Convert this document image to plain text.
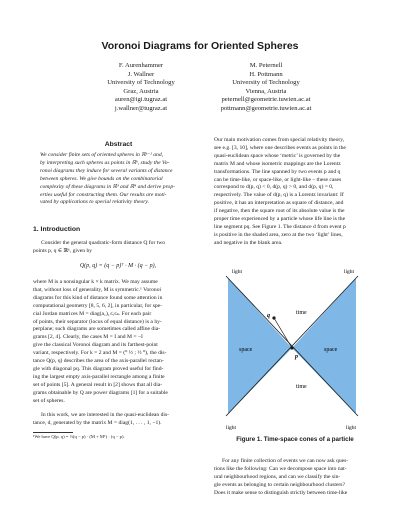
Voronoi Diagrams for Oriented Spheres
F. Aurenhammer
J. Wallner
University of Technology
Graz, Austria
auren@igi.tugraz.at
j.wallner@tugraz.at
M. Peternell
H. Pottmann
University of Technology
Vienna, Austria
peternell@geometrie.tuwien.ac.at
pottmann@geometrie.tuwien.ac.at
Abstract
We consider finite sets of oriented spheres in ℝᵏ⁻¹ and,
by interpreting such spheres as points in ℝᵏ, study the Vo-
ronoi diagrams they induce for several variants of distance
between spheres. We give bounds on the combinatorial
complexity of these diagrams in ℝ³ and ℝ⁴ and derive prop-
erties useful for constructing them. Our results are moti-
vated by applications to special relativity theory.
1. Introduction
Consider the general quadratic-form distance Q for two
points p, q ∈ ℝᵏ, given by
Q(p, q) = (q − p)ᵀ · M · (q − p),
where M is a nonsingular k × k matrix. We may assume
that, without loss of generality, M is symmetric.¹ Voronoi
diagrams for this kind of distance found some attention in
computational geometry [8, 5, 6, 2], in particular, for spe-
cial Jordan matrices M = diag(a₁)₁≤ᵢ≤ₖ. For each pair
of points, their separator (locus of equal distance) is a hy-
perplane; such diagrams are sometimes called affine dia-
grams [2, 4]. Clearly, the cases M = I and M = −I
give the classical Voronoi diagram and its farthest-point
variant, respectively. For k = 2 and M = (⁰ ½ ; ½ ⁰), the dis-
tance Q(p, q) describes the area of the axis-parallel rectan-
gle with diagonal pq. This diagram proved useful for find-
ing the largest empty axis-parallel rectangle among a finite
set of points [5]. A general result in [2] shows that all dia-
grams obtainable by Q are power diagrams [1] for a suitable
set of spheres.
In this work, we are interested in the quasi-euclidean dis-
tance, d, generated by the matrix M = diag(1, . . . , 1, −1).
¹We have Q(p, q) = ½(q − p) · (M + Mᵀ) · (q − p).
Our main motivation comes from special relativity theory,
see e.g. [3, 10], where one describes events as points in the
quasi-euclidean space whose ‘metric’ is governed by the
matrix M and whose isometric mappings are the Lorentz
transformations. The line spanned by two events p and q
can be time-like, or space-like, or light-like – these cases
correspond to d(p, q) < 0, d(p, q) > 0, and d(p, q) = 0,
respectively. The value of d(p, q) is a Lorentz invariant: If
positive, it has an interpretation as square of distance, and
if negative, then the square root of its absolute value is the
proper time experienced by a particle whose life line is the
line segment pq. See Figure 1. The distance d from event p
is positive in the shaded area, zero at the two ‘light’ lines,
and negative in the blank area.
light	light
light	light
time
time
space	space
q
p
Figure 1. Time-space cones of a particle
For any finite collection of events we can now ask ques-
tions like the following: Can we decompose space into nat-
ural neighbourhood regions, and can we classify the sin-
gle events as belonging to certain neighbourhood clusters?
Does it make sense to distinguish strictly between time-like
